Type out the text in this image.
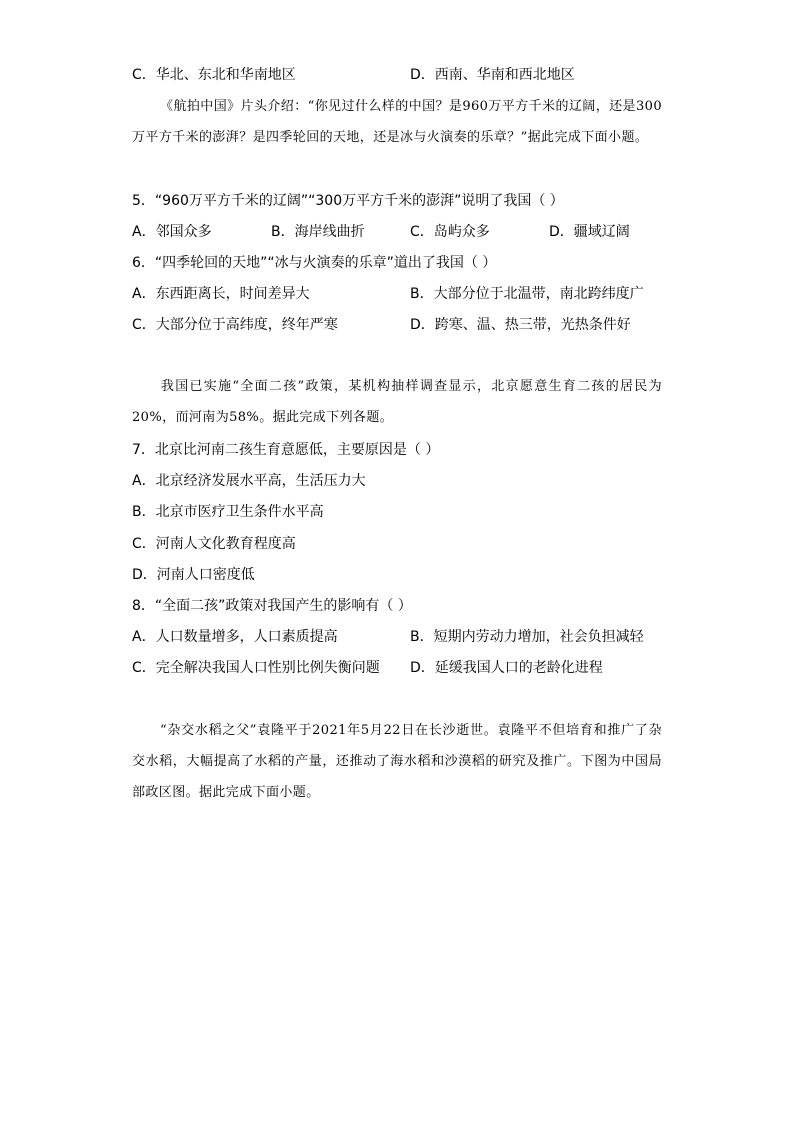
C．华北、东北和华南地区	D．西南、华南和西北地区
《航拍中国》片头介绍：“你见过什么样的中国？是960万平方千米的辽阔，还是300万平方千米的澎湃？是四季轮回的天地，还是冰与火演奏的乐章？”据此完成下面小题。
5．“960万平方千米的辽阔”“300万平方千米的澎湃”说明了我国（ ）
A．邻国众多	B．海岸线曲折	C．岛屿众多	D．疆域辽阔
6．“四季轮回的天地”“冰与火演奏的乐章”道出了我国（ ）
A．东西距离长，时间差异大	B．大部分位于北温带，南北跨纬度广
C．大部分位于高纬度，终年严寒	D．跨寒、温、热三带，光热条件好
我国已实施“全面二孩”政策，某机构抽样调查显示，北京愿意生育二孩的居民为20%，而河南为58%。据此完成下列各题。
7．北京比河南二孩生育意愿低，主要原因是（ ）
A．北京经济发展水平高，生活压力大
B．北京市医疗卫生条件水平高
C．河南人文化教育程度高
D．河南人口密度低
8．“全面二孩”政策对我国产生的影响有（ ）
A．人口数量增多，人口素质提高	B．短期内劳动力增加，社会负担减轻
C．完全解决我国人口性别比例失衡问题 D．延缓我国人口的老龄化进程
“杂交水稻之父”袁隆平于2021年5月22日在长沙逝世。袁隆平不但培育和推广了杂交水稻，大幅提高了水稻的产量，还推动了海水稻和沙漠稻的研究及推广。下图为中国局部政区图。据此完成下面小题。
